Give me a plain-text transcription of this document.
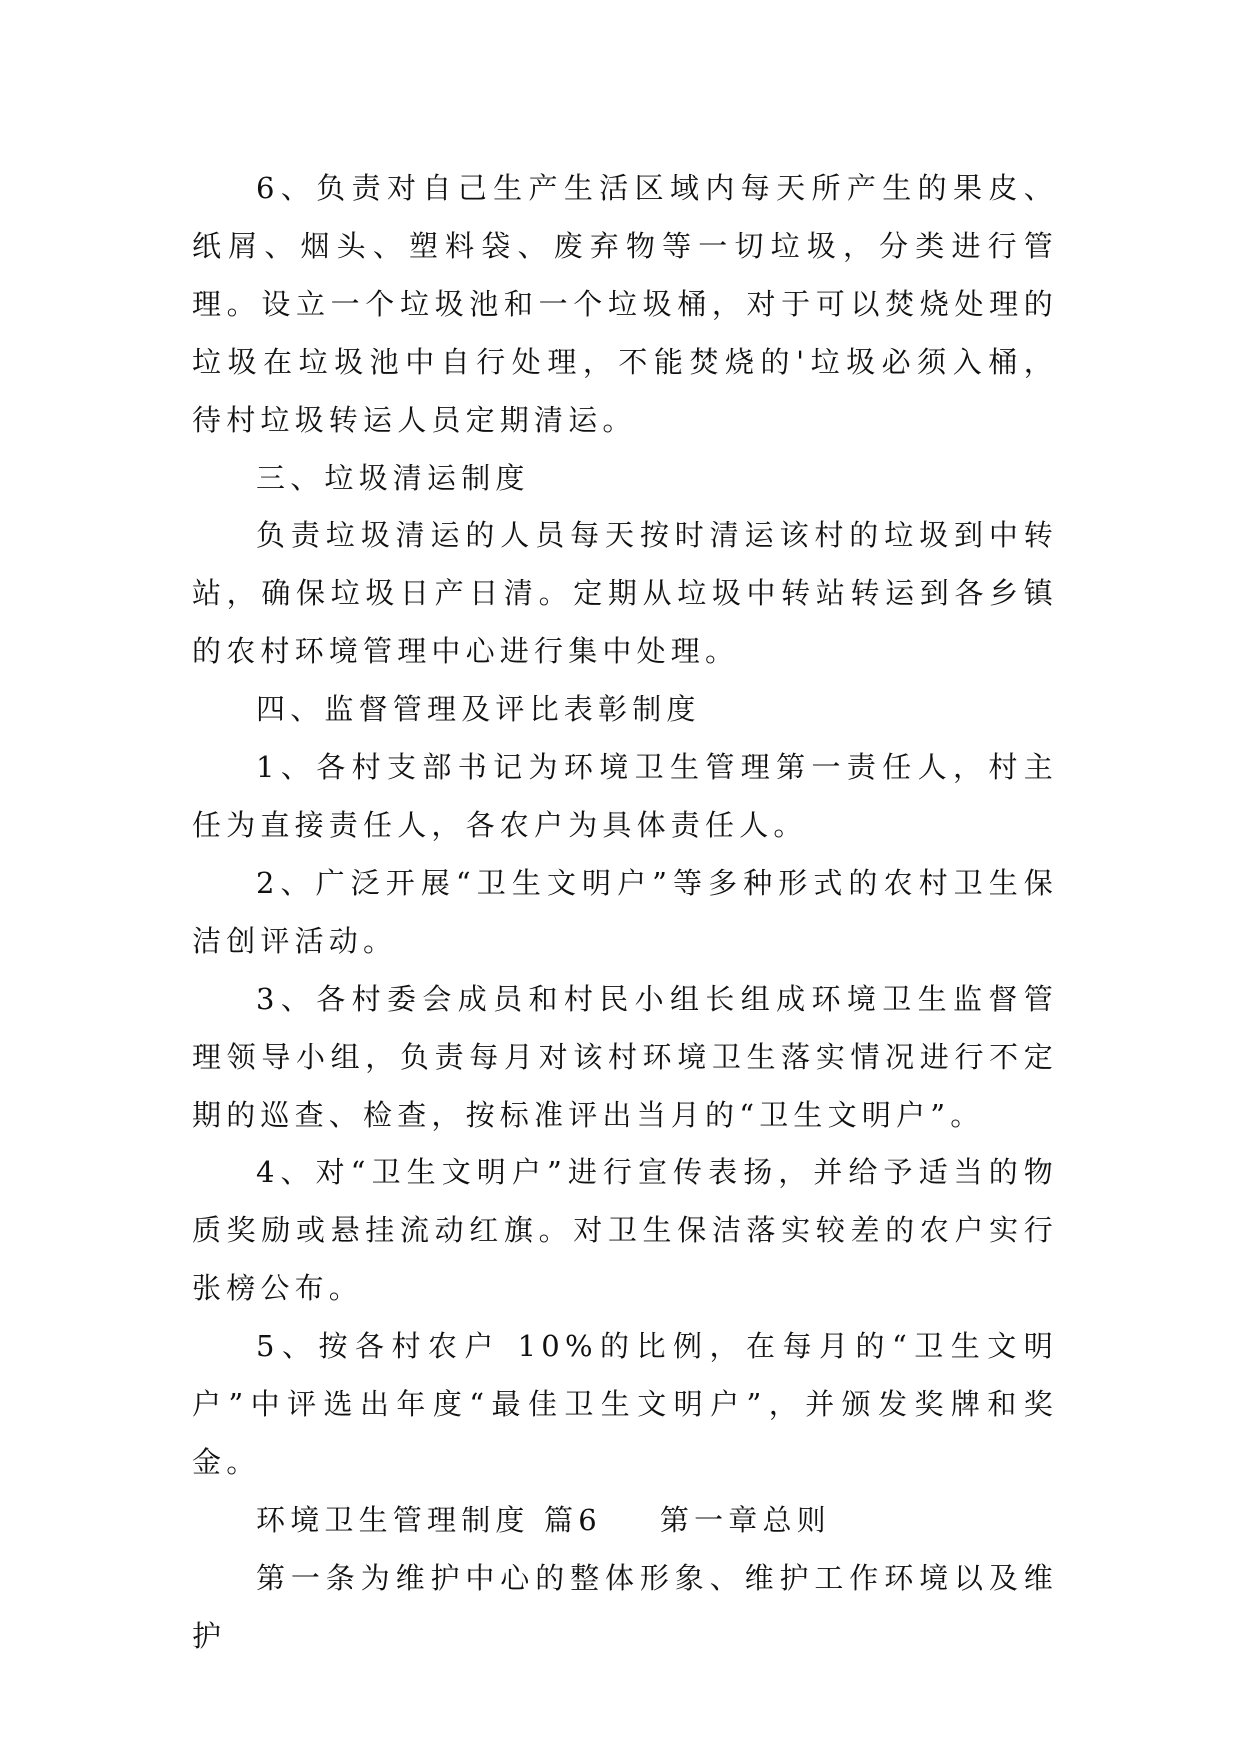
6、负责对自己生产生活区域内每天所产生的果皮、纸屑、烟头、塑料袋、废弃物等一切垃圾，分类进行管理。设立一个垃圾池和一个垃圾桶，对于可以焚烧处理的垃圾在垃圾池中自行处理，不能焚烧的'垃圾必须入桶，待村垃圾转运人员定期清运。

三、垃圾清运制度

负责垃圾清运的人员每天按时清运该村的垃圾到中转站，确保垃圾日产日清。定期从垃圾中转站转运到各乡镇的农村环境管理中心进行集中处理。

四、监督管理及评比表彰制度

1、各村支部书记为环境卫生管理第一责任人，村主任为直接责任人，各农户为具体责任人。

2、广泛开展“卫生文明户”等多种形式的农村卫生保洁创评活动。

3、各村委会成员和村民小组长组成环境卫生监督管理领导小组，负责每月对该村环境卫生落实情况进行不定期的巡查、检查，按标准评出当月的“卫生文明户”。

4、对“卫生文明户”进行宣传表扬，并给予适当的物质奖励或悬挂流动红旗。对卫生保洁落实较差的农户实行张榜公布。

5、按各村农户 10%的比例，在每月的“卫生文明户”中评选出年度“最佳卫生文明户”，并颁发奖牌和奖金。

环境卫生管理制度 篇6 第一章总则

第一条为维护中心的整体形象、维护工作环境以及维护
